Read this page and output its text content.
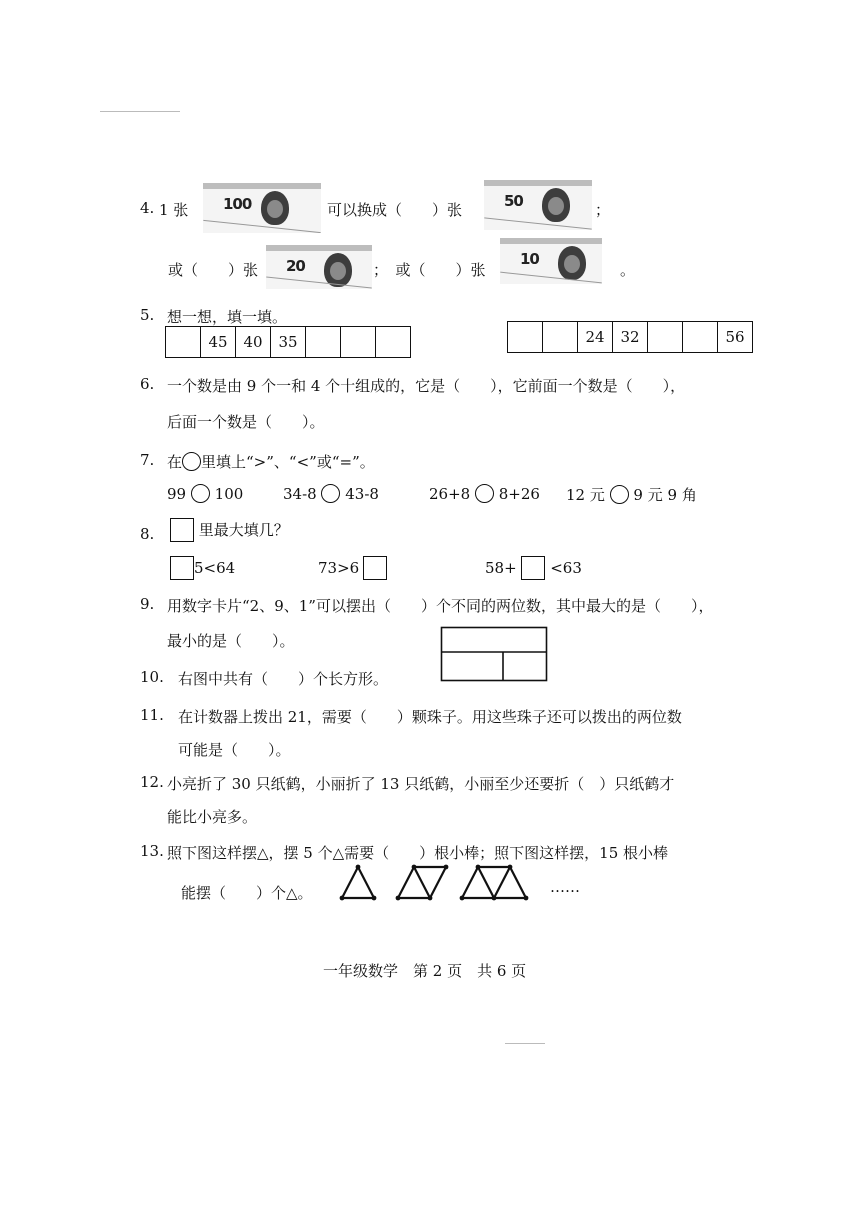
4. 1 张 100	可以换成（　　）张	50	；
或（　　）张 20	；　或（　　）张
10
。
5. 想一想，填一填。
	45	40	35			
			24	32			56
6. 一个数是由 9 个一和 4 个十组成的，它是（　　），它前面一个数是（　　），
后面一个数是（　　）。
7. 在 里填上“>”、“<”或“=”。
99 100	34-8 43-8	26+8 8+26 12 元 9 元 9 角
8.	里最大填几？
5<64	73>6	58+ <63
9. 用数字卡片“2、9、1”可以摆出（　　）个不同的两位数，其中最大的是（　　），
最小的是（　　）。
10. 右图中共有（　　）个长方形。
11. 在计数器上拨出 21，需要（　　）颗珠子。用这些珠子还可以拨出的两位数
可能是（　　）。
12. 小亮折了 30 只纸鹤，小丽折了 13 只纸鹤，小丽至少还要折（　）只纸鹤才
能比小亮多。
13. 照下图这样摆△，摆 5 个△需要（　　）根小棒；照下图这样摆，15 根小棒
能摆（　　）个△。	……
一年级数学　第 2 页　共 6 页
